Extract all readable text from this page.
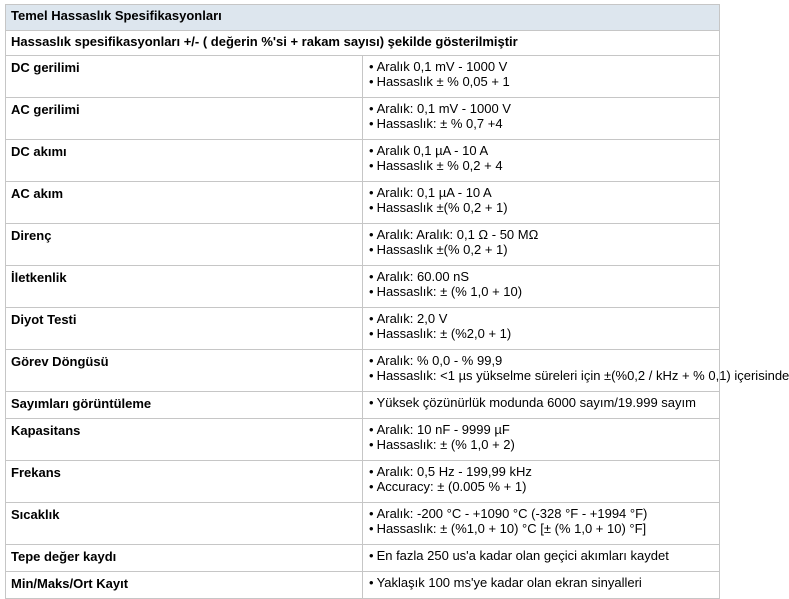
Temel Hassaslık Spesifikasyonları	
Hassaslık spesifikasyonları +/- ( değerin %'si + rakam sayısı) şekilde gösterilmiştir	
DC gerilimi	• Aralık 0,1 mV - 1000 V
• Hassaslık ± % 0,05 + 1

AC gerilimi	• Aralık: 0,1 mV - 1000 V
• Hassaslık: ± % 0,7 +4

DC akımı	• Aralık 0,1 µA - 10 A
• Hassaslık ± % 0,2 + 4

AC akım	• Aralık: 0,1 µA - 10 A
• Hassaslık ±(% 0,2 + 1)

Direnç	• Aralık: Aralık: 0,1 Ω - 50 MΩ
• Hassaslık ±(% 0,2 + 1)

İletkenlik	• Aralık: 60.00 nS
• Hassaslık: ± (% 1,0 + 10)

Diyot Testi	• Aralık: 2,0 V
• Hassaslık: ± (%2,0 + 1)

Görev Döngüsü	• Aralık: % 0,0 - % 99,9
• Hassaslık: <1 µs yükselme süreleri için ±(%0,2 / kHz + % 0,1) içerisinde

Sayımları görüntüleme	• Yüksek çözünürlük modunda 6000 sayım/19.999 sayım

Kapasitans	• Aralık: 10 nF - 9999 µF
• Hassaslık: ± (% 1,0 + 2)

Frekans	• Aralık: 0,5 Hz - 199,99 kHz
• Accuracy: ± (0.005 % + 1)

Sıcaklık	• Aralık: -200 °C - +1090 °C (-328 °F - +1994 °F)
• Hassaslık: ± (%1,0 + 10) °C [± (% 1,0 + 10) °F]

Tepe değer kaydı	• En fazla 250 us'a kadar olan geçici akımları kaydet

Min/Maks/Ort Kayıt	• Yaklaşık 100 ms'ye kadar olan ekran sinyalleri
